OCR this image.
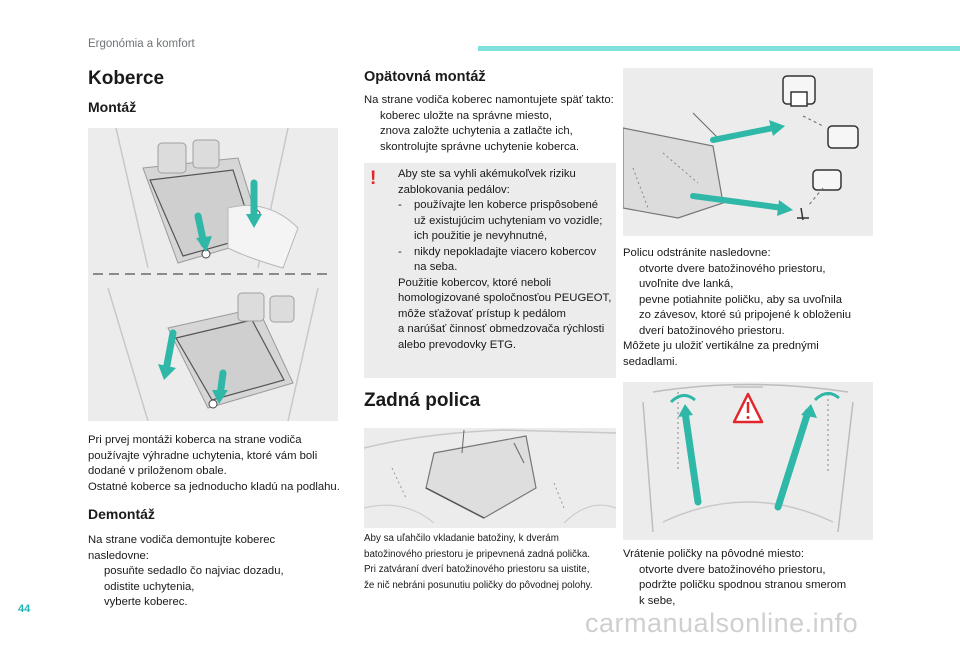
Ergonómia a komfort
44	carmanualsonline.info
Koberce
Montáž
Pri prvej montáži koberca na strane vodiča
používajte výhradne uchytenia, ktoré vám boli
dodané v priloženom obale.
Ostatné koberce sa jednoducho kladú na podlahu.
Demontáž
Na strane vodiča demontujte koberec
nasledovne:
posuňte sedadlo čo najviac dozadu,
odistite uchytenia,
vyberte koberec.
Opätovná montáž
Na strane vodiča koberec namontujete späť takto:
koberec uložte na správne miesto,
znova založte uchytenia a zatlačte ich,
skontrolujte správne uchytenie koberca.
! Aby ste sa vyhli akémukoľvek riziku
zablokovania pedálov:
- používajte len koberce prispôsobené
už existujúcim uchyteniam vo vozidle;
ich použitie je nevyhnutné,
- nikdy nepokladajte viacero kobercov
na seba.
Použitie kobercov, ktoré neboli
homologizované spoločnosťou PEUGEOT,
môže sťažovať prístup k pedálom
a narúšať činnosť obmedzovača rýchlosti
alebo prevodovky ETG.
Zadná polica
Aby sa uľahčilo vkladanie batožiny, k dverám
batožinového priestoru je pripevnená zadná polička.
Pri zatváraní dverí batožinového priestoru sa uistite,
že nič nebráni posunutiu poličky do pôvodnej polohy.
Policu odstránite nasledovne:
otvorte dvere batožinového priestoru,
uvoľnite dve lanká,
pevne potiahnite poličku, aby sa uvoľnila
zo závesov, ktoré sú pripojené k obloženiu
dverí batožinového priestoru.
Môžete ju uložiť vertikálne za prednými
sedadlami.
Vrátenie poličky na pôvodné miesto:
otvorte dvere batožinového priestoru,
podržte poličku spodnou stranou smerom
k sebe,
